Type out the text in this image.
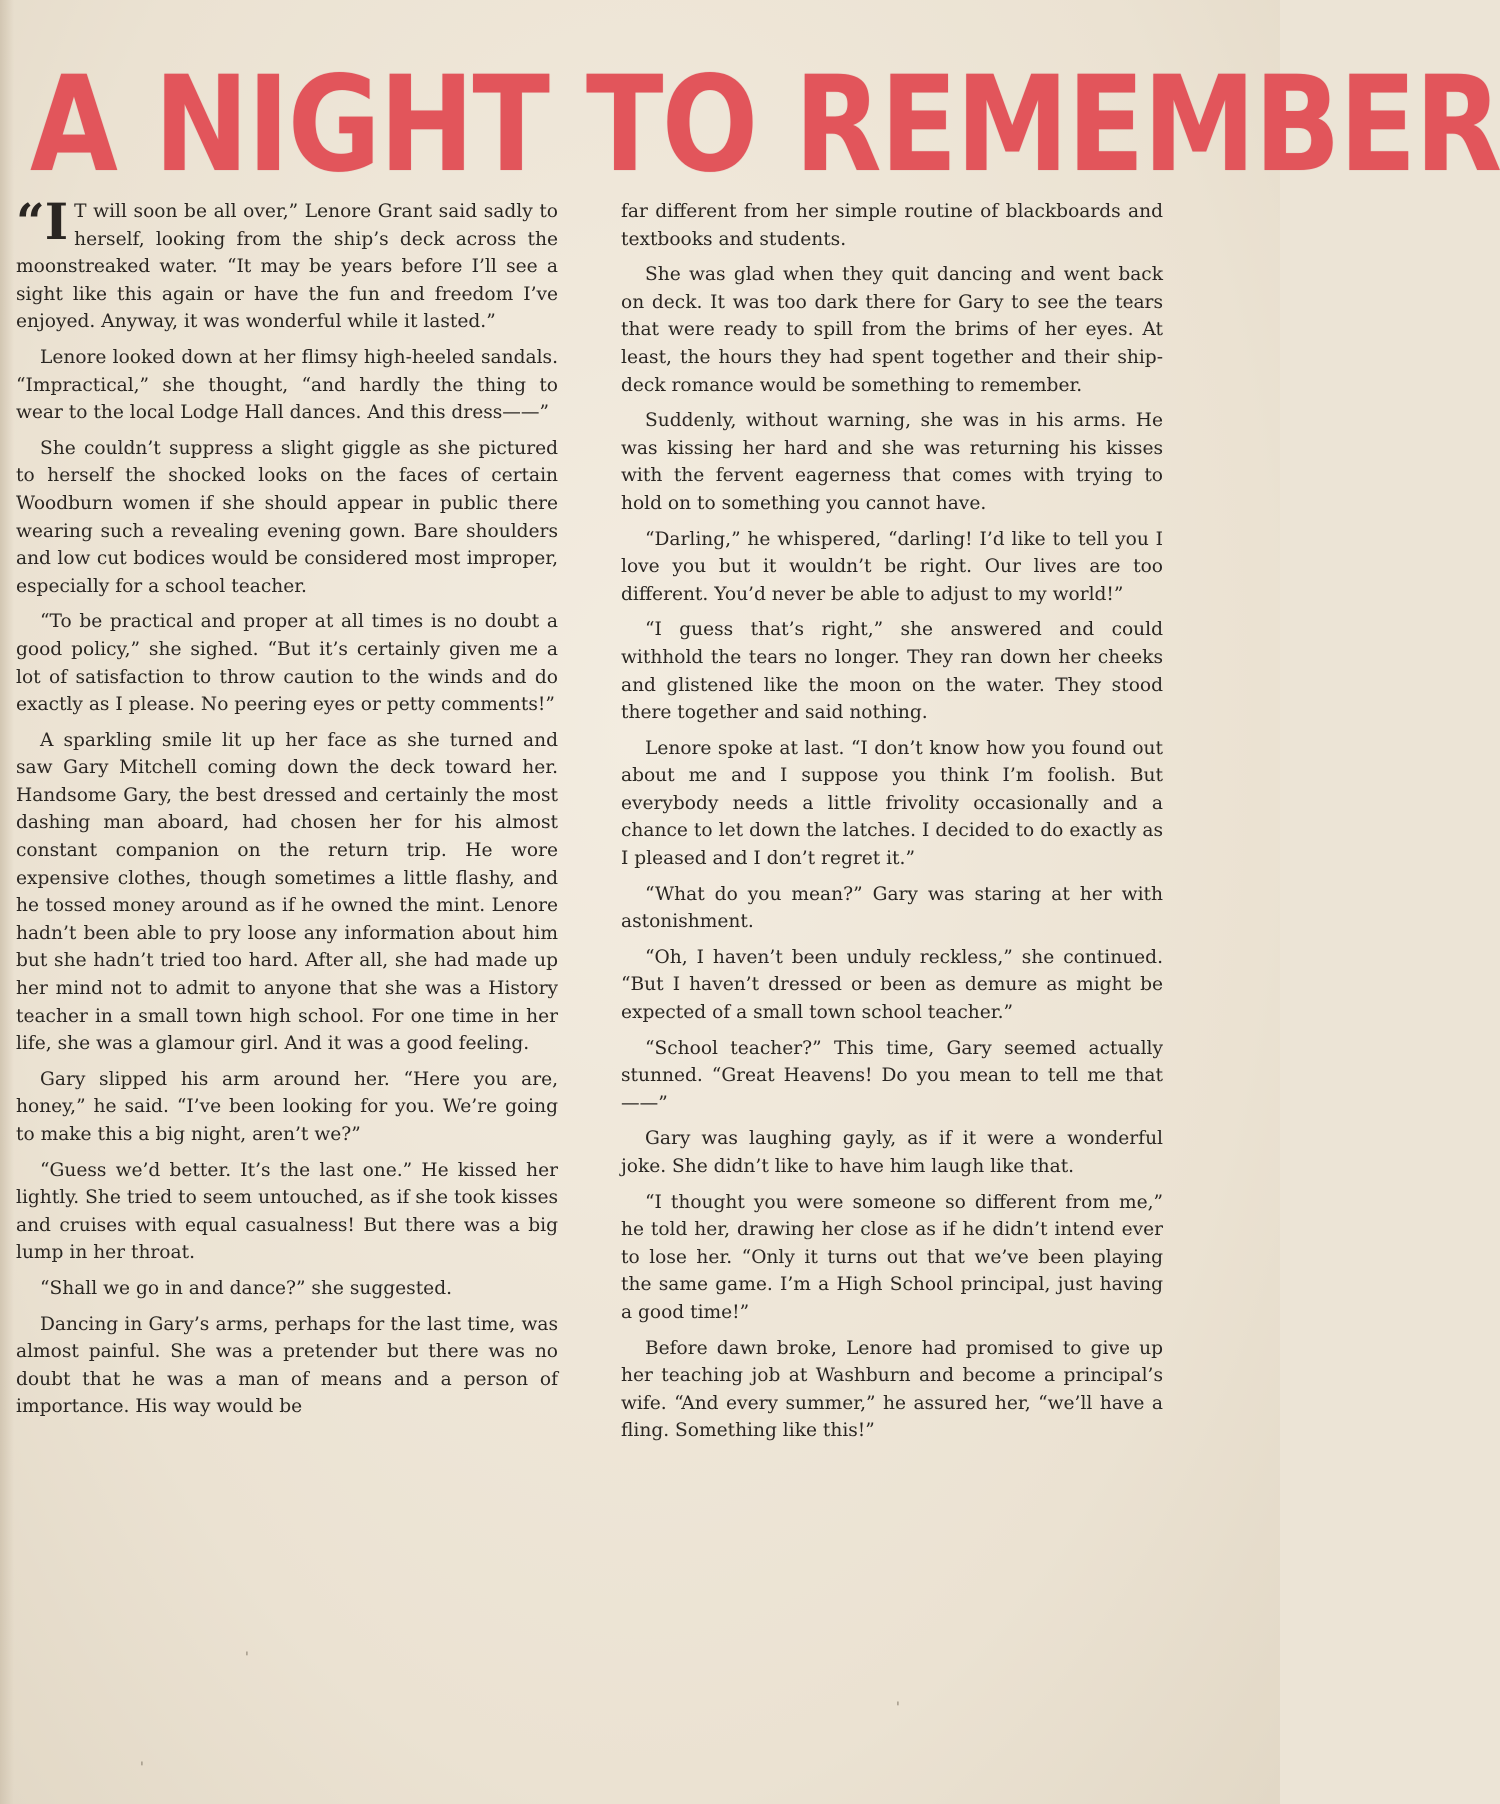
A NIGHT TO REMEMBER

“I T will soon be all over,” Lenore Grant said sadly to herself, looking from the ship’s deck across the moonstreaked water. “It may be years before I’ll see a sight like this again or have the fun and freedom I’ve enjoyed. Anyway, it was wonderful while it lasted.”

Lenore looked down at her flimsy high-heeled sandals. “Impractical,” she thought, “and hardly the thing to wear to the local Lodge Hall dances. And this dress——”

She couldn’t suppress a slight giggle as she pictured to herself the shocked looks on the faces of certain Woodburn women if she should appear in public there wearing such a revealing evening gown. Bare shoulders and low cut bodices would be considered most improper, especially for a school teacher.

“To be practical and proper at all times is no doubt a good policy,” she sighed. “But it’s certainly given me a lot of satisfaction to throw caution to the winds and do exactly as I please. No peering eyes or petty comments!”

A sparkling smile lit up her face as she turned and saw Gary Mitchell coming down the deck toward her. Handsome Gary, the best dressed and certainly the most dashing man aboard, had chosen her for his almost constant companion on the return trip. He wore expensive clothes, though sometimes a little flashy, and he tossed money around as if he owned the mint. Lenore hadn’t been able to pry loose any information about him but she hadn’t tried too hard. After all, she had made up her mind not to admit to anyone that she was a History teacher in a small town high school. For one time in her life, she was a glamour girl. And it was a good feeling.

Gary slipped his arm around her. “Here you are, honey,” he said. “I’ve been looking for you. We’re going to make this a big night, aren’t we?”

“Guess we’d better. It’s the last one.” He kissed her lightly. She tried to seem untouched, as if she took kisses and cruises with equal casualness! But there was a big lump in her throat.

“Shall we go in and dance?” she suggested.

Dancing in Gary’s arms, perhaps for the last time, was almost painful. She was a pretender but there was no doubt that he was a man of means and a person of importance. His way would be

far different from her simple routine of blackboards and textbooks and students.

She was glad when they quit dancing and went back on deck. It was too dark there for Gary to see the tears that were ready to spill from the brims of her eyes. At least, the hours they had spent together and their ship-deck romance would be something to remember.

Suddenly, without warning, she was in his arms. He was kissing her hard and she was returning his kisses with the fervent eagerness that comes with trying to hold on to something you cannot have.

“Darling,” he whispered, “darling! I’d like to tell you I love you but it wouldn’t be right. Our lives are too different. You’d never be able to adjust to my world!”

“I guess that’s right,” she answered and could withhold the tears no longer. They ran down her cheeks and glistened like the moon on the water. They stood there together and said nothing.

Lenore spoke at last. “I don’t know how you found out about me and I suppose you think I’m foolish. But everybody needs a little frivolity occasionally and a chance to let down the latches. I decided to do exactly as I pleased and I don’t regret it.”

“What do you mean?” Gary was staring at her with astonishment.

“Oh, I haven’t been unduly reckless,” she continued. “But I haven’t dressed or been as demure as might be expected of a small town school teacher.”

“School teacher?” This time, Gary seemed actually stunned. “Great Heavens! Do you mean to tell me that——”

Gary was laughing gayly, as if it were a wonderful joke. She didn’t like to have him laugh like that.

“I thought you were someone so different from me,” he told her, drawing her close as if he didn’t intend ever to lose her. “Only it turns out that we’ve been playing the same game. I’m a High School principal, just having a good time!”

Before dawn broke, Lenore had promised to give up her teaching job at Washburn and become a principal’s wife. “And every summer,” he assured her, “we’ll have a fling. Something like this!”

'
'
'
